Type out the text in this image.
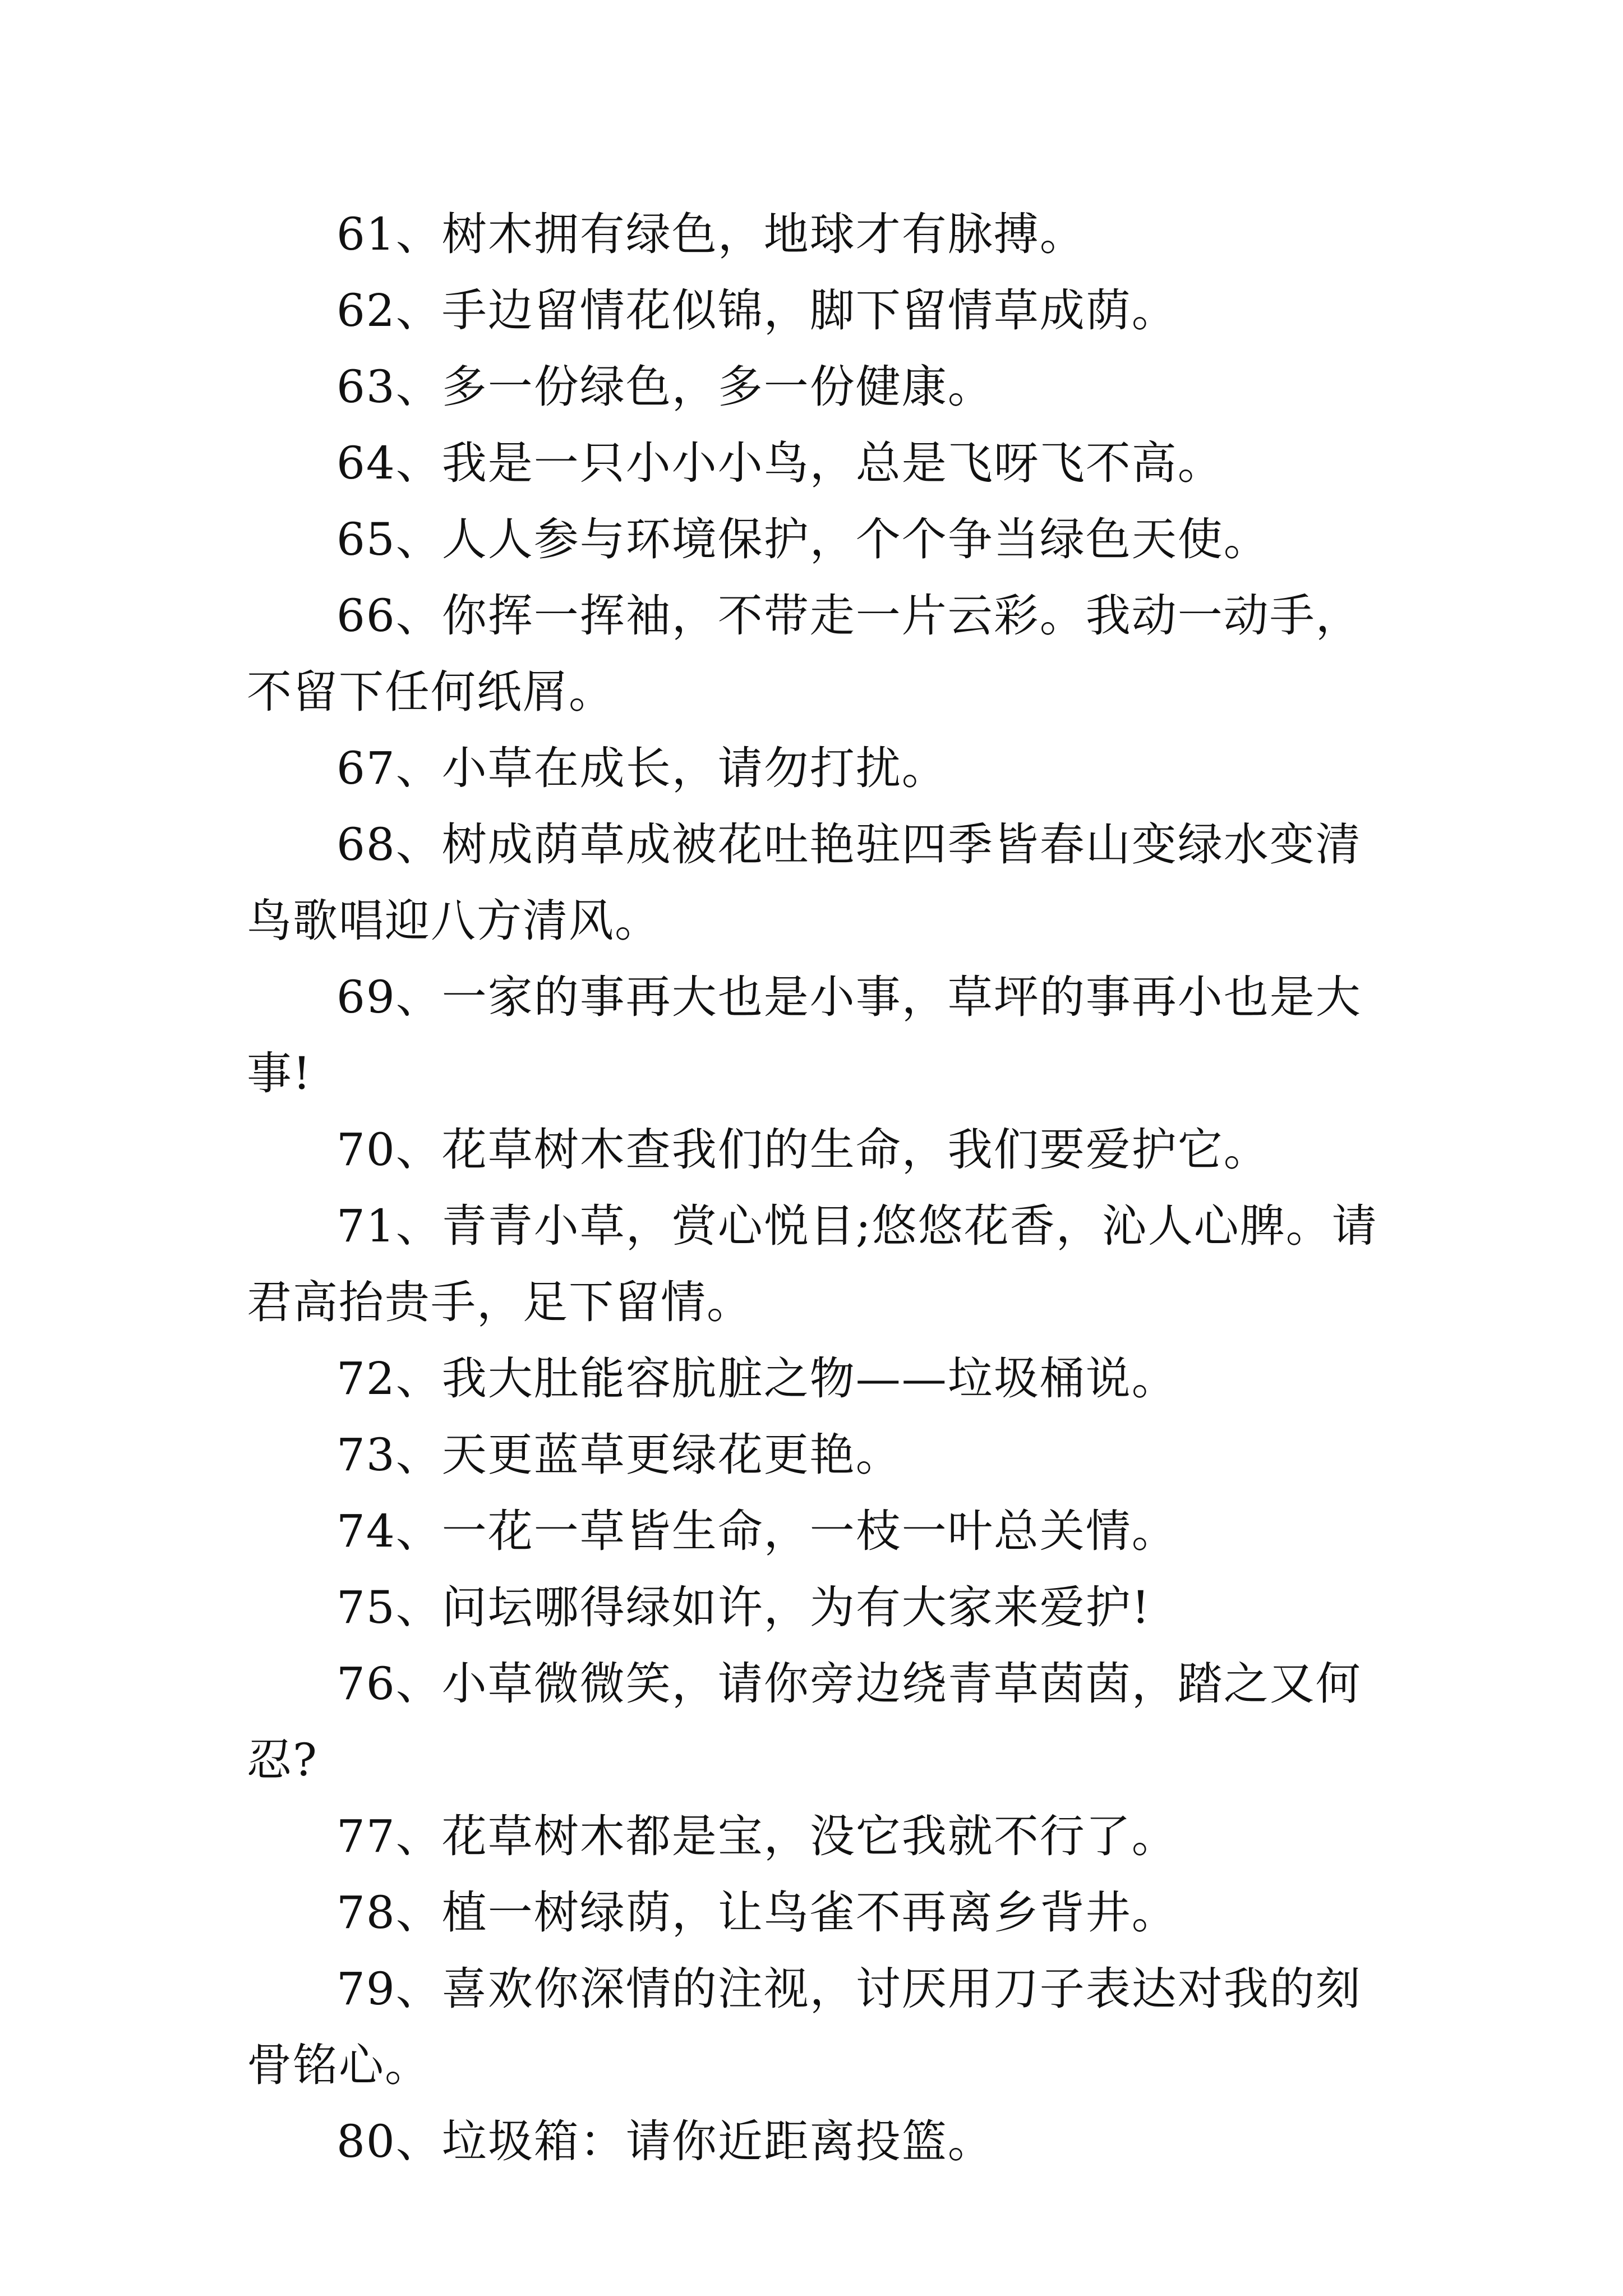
61、树木拥有绿色，地球才有脉搏。

62、手边留情花似锦，脚下留情草成荫。

63、多一份绿色，多一份健康。

64、我是一只小小小鸟，总是飞呀飞不高。

65、人人参与环境保护，个个争当绿色天使。

66、你挥一挥袖，不带走一片云彩。我动一动手，不留下任何纸屑。

67、小草在成长，请勿打扰。

68、树成荫草成被花吐艳驻四季皆春山变绿水变清鸟歌唱迎八方清风。

69、一家的事再大也是小事，草坪的事再小也是大事!

70、花草树木查我们的生命，我们要爱护它。

71、青青小草，赏心悦目;悠悠花香，沁人心脾。请君高抬贵手，足下留情。

72、我大肚能容肮脏之物——垃圾桶说。

73、天更蓝草更绿花更艳。

74、一花一草皆生命，一枝一叶总关情。

75、问坛哪得绿如许，为有大家来爱护!

76、小草微微笑，请你旁边绕青草茵茵，踏之又何忍?

77、花草树木都是宝，没它我就不行了。

78、植一树绿荫，让鸟雀不再离乡背井。

79、喜欢你深情的注视，讨厌用刀子表达对我的刻骨铭心。

80、垃圾箱：请你近距离投篮。
